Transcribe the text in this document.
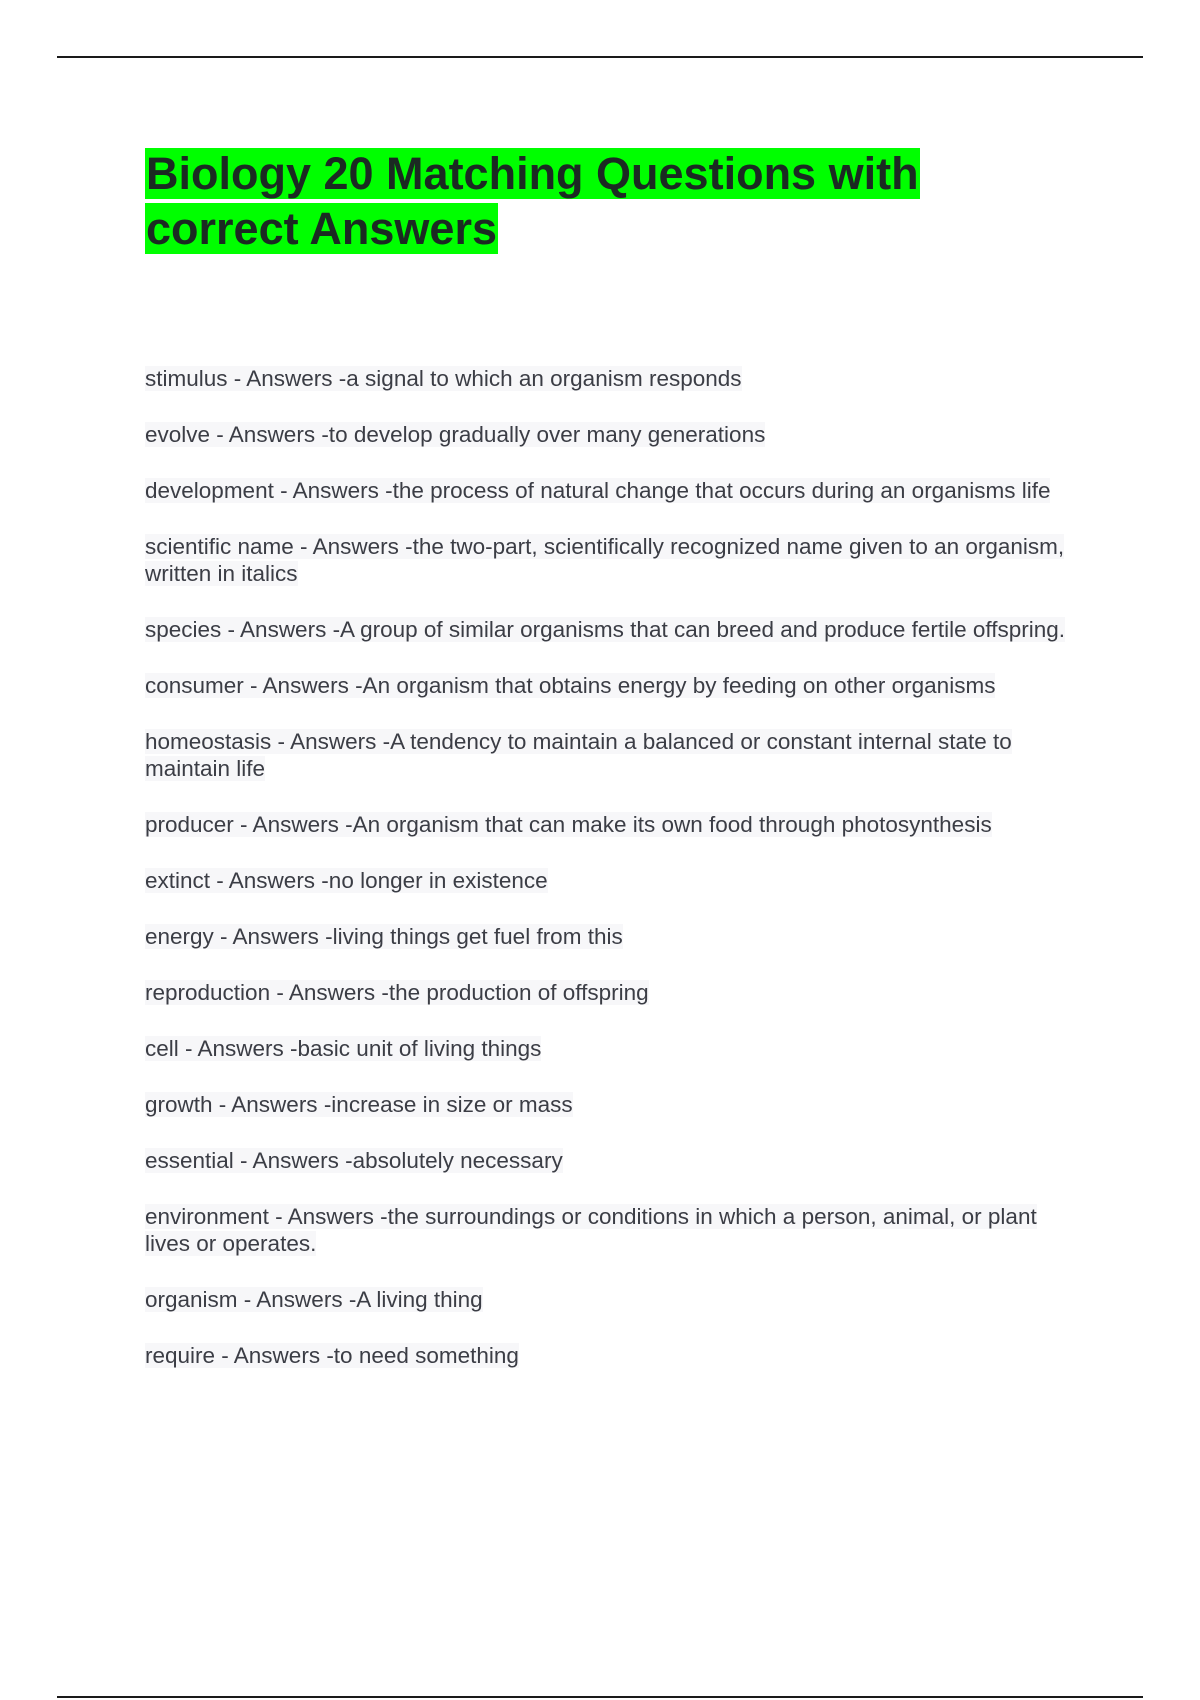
Biology 20 Matching Questions with correct Answers
stimulus - Answers -a signal to which an organism responds
evolve - Answers -to develop gradually over many generations
development - Answers -the process of natural change that occurs during an organisms life
scientific name - Answers -the two-part, scientifically recognized name given to an organism, written in italics
species - Answers -A group of similar organisms that can breed and produce fertile offspring.
consumer - Answers -An organism that obtains energy by feeding on other organisms
homeostasis - Answers -A tendency to maintain a balanced or constant internal state to maintain life
producer - Answers -An organism that can make its own food through photosynthesis
extinct - Answers -no longer in existence
energy - Answers -living things get fuel from this
reproduction - Answers -the production of offspring
cell - Answers -basic unit of living things
growth - Answers -increase in size or mass
essential - Answers -absolutely necessary
environment - Answers -the surroundings or conditions in which a person, animal, or plant lives or operates.
organism - Answers -A living thing
require - Answers -to need something
